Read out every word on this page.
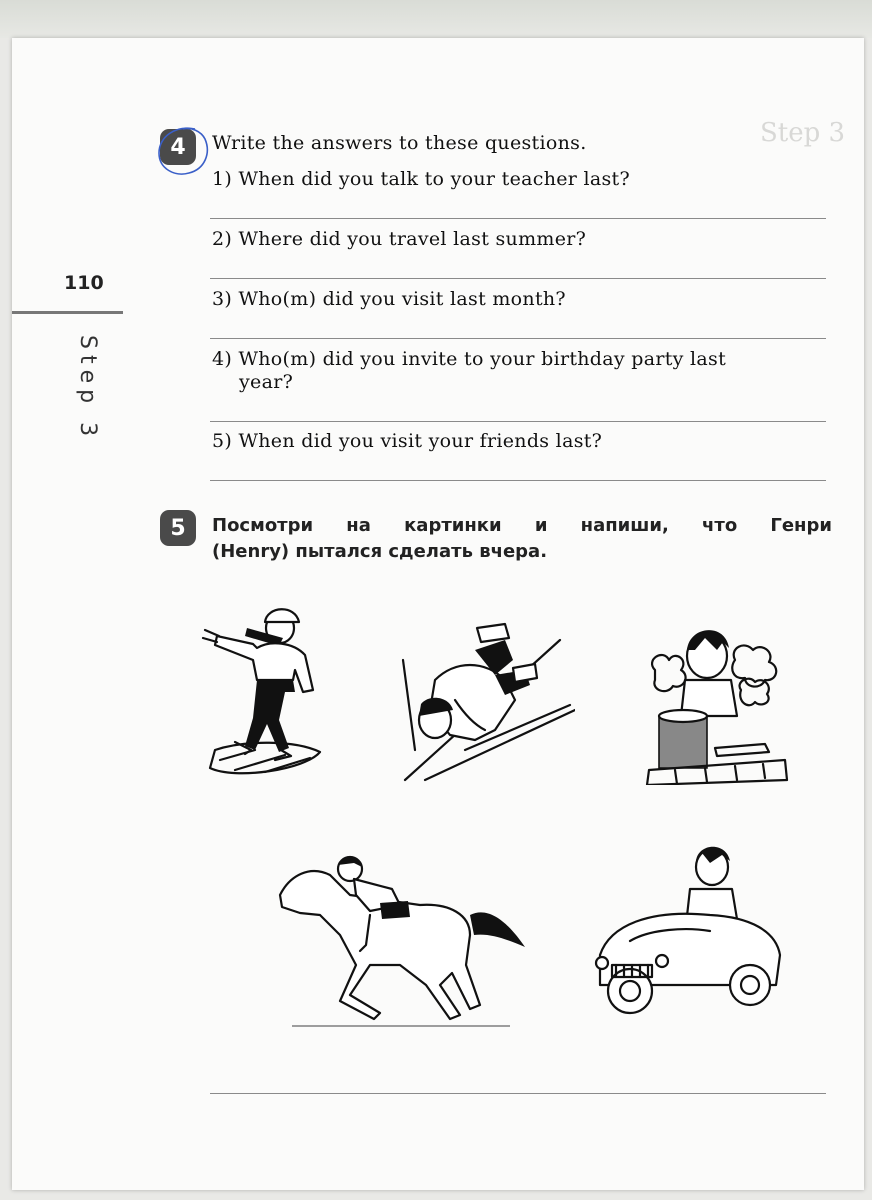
Step 3
110
Step 3
4	Write the answers to these questions.
1) When did you talk to your teacher last?
2) Where did you travel last summer?
3) Who(m) did you visit last month?
4) Who(m) did you invite to your birthday party last
year?
5) When did you visit your friends last?
5	Посмотри на картинки и напиши, что Генри
(Henry) пытался сделать вчера.
